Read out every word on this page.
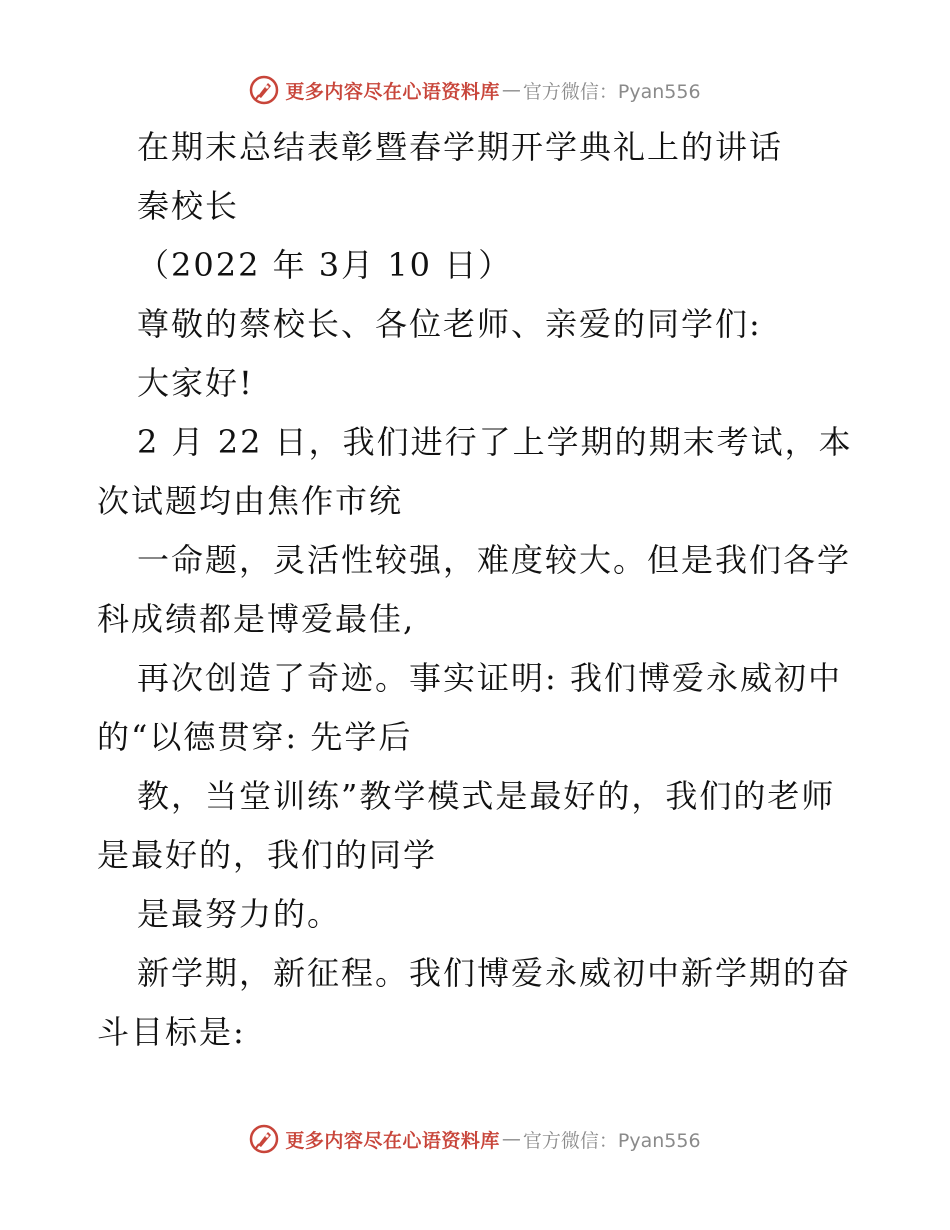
更多内容尽在心语资料库 — 官方微信：Pyan556
在期末总结表彰暨春学期开学典礼上的讲话
秦校长
（2022 年 3月 10 日）
尊敬的蔡校长、各位老师、亲爱的同学们:
大家好!
2 月 22 日，我们进行了上学期的期末考试，本
次试题均由焦作市统
一命题，灵活性较强，难度较大。但是我们各学
科成绩都是博爱最佳,
再次创造了奇迹。事实证明: 我们博爱永威初中
的“以德贯穿: 先学后
教，当堂训练”教学模式是最好的，我们的老师
是最好的，我们的同学
是最努力的。
新学期，新征程。我们博爱永威初中新学期的奋
斗目标是:
更多内容尽在心语资料库 — 官方微信：Pyan556
